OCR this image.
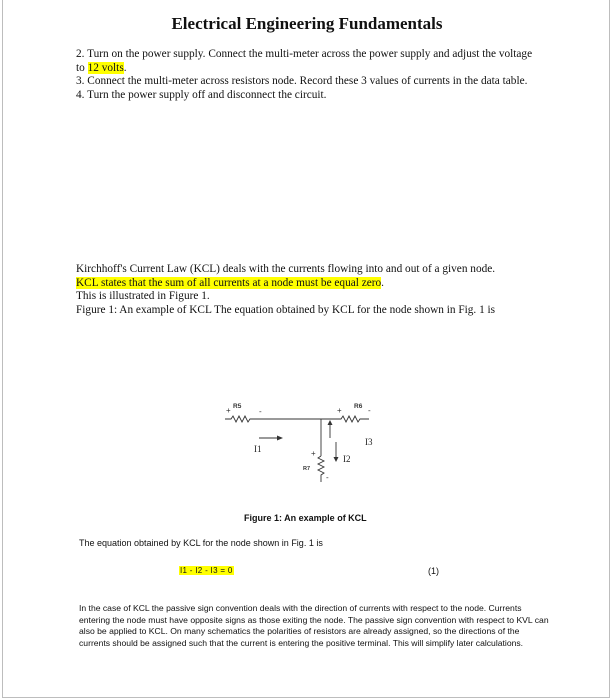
Electrical Engineering Fundamentals

2. Turn on the power supply. Connect the multi-meter across the power supply and adjust the voltage to 12 volts.

3. Connect the multi-meter across resistors node. Record these 3 values of currents in the data table.

4. Turn the power supply off and disconnect the circuit.

Kirchhoff's Current Law (KCL) deals with the currents flowing into and out of a given node.

KCL states that the sum of all currents at a node must be equal zero.

This is illustrated in Figure 1.

Figure 1: An example of KCL The equation obtained by KCL for the node shown in Fig. 1 is

R5	R6
R7
+	-	+	-
+
-
I1
I2
I3
Figure 1: An example of KCL
The equation obtained by KCL for the node shown in Fig. 1 is
I1 - I2 - I3 = 0	(1)
In the case of KCL the passive sign convention deals with the direction of currents with respect to the node. Currents entering the node must have opposite signs as those exiting the node. The passive sign convention with respect to KVL can also be applied to KCL. On many schematics the polarities of resistors are already assigned, so the directions of the currents should be assigned such that the current is entering the positive terminal. This will simplify later calculations.
